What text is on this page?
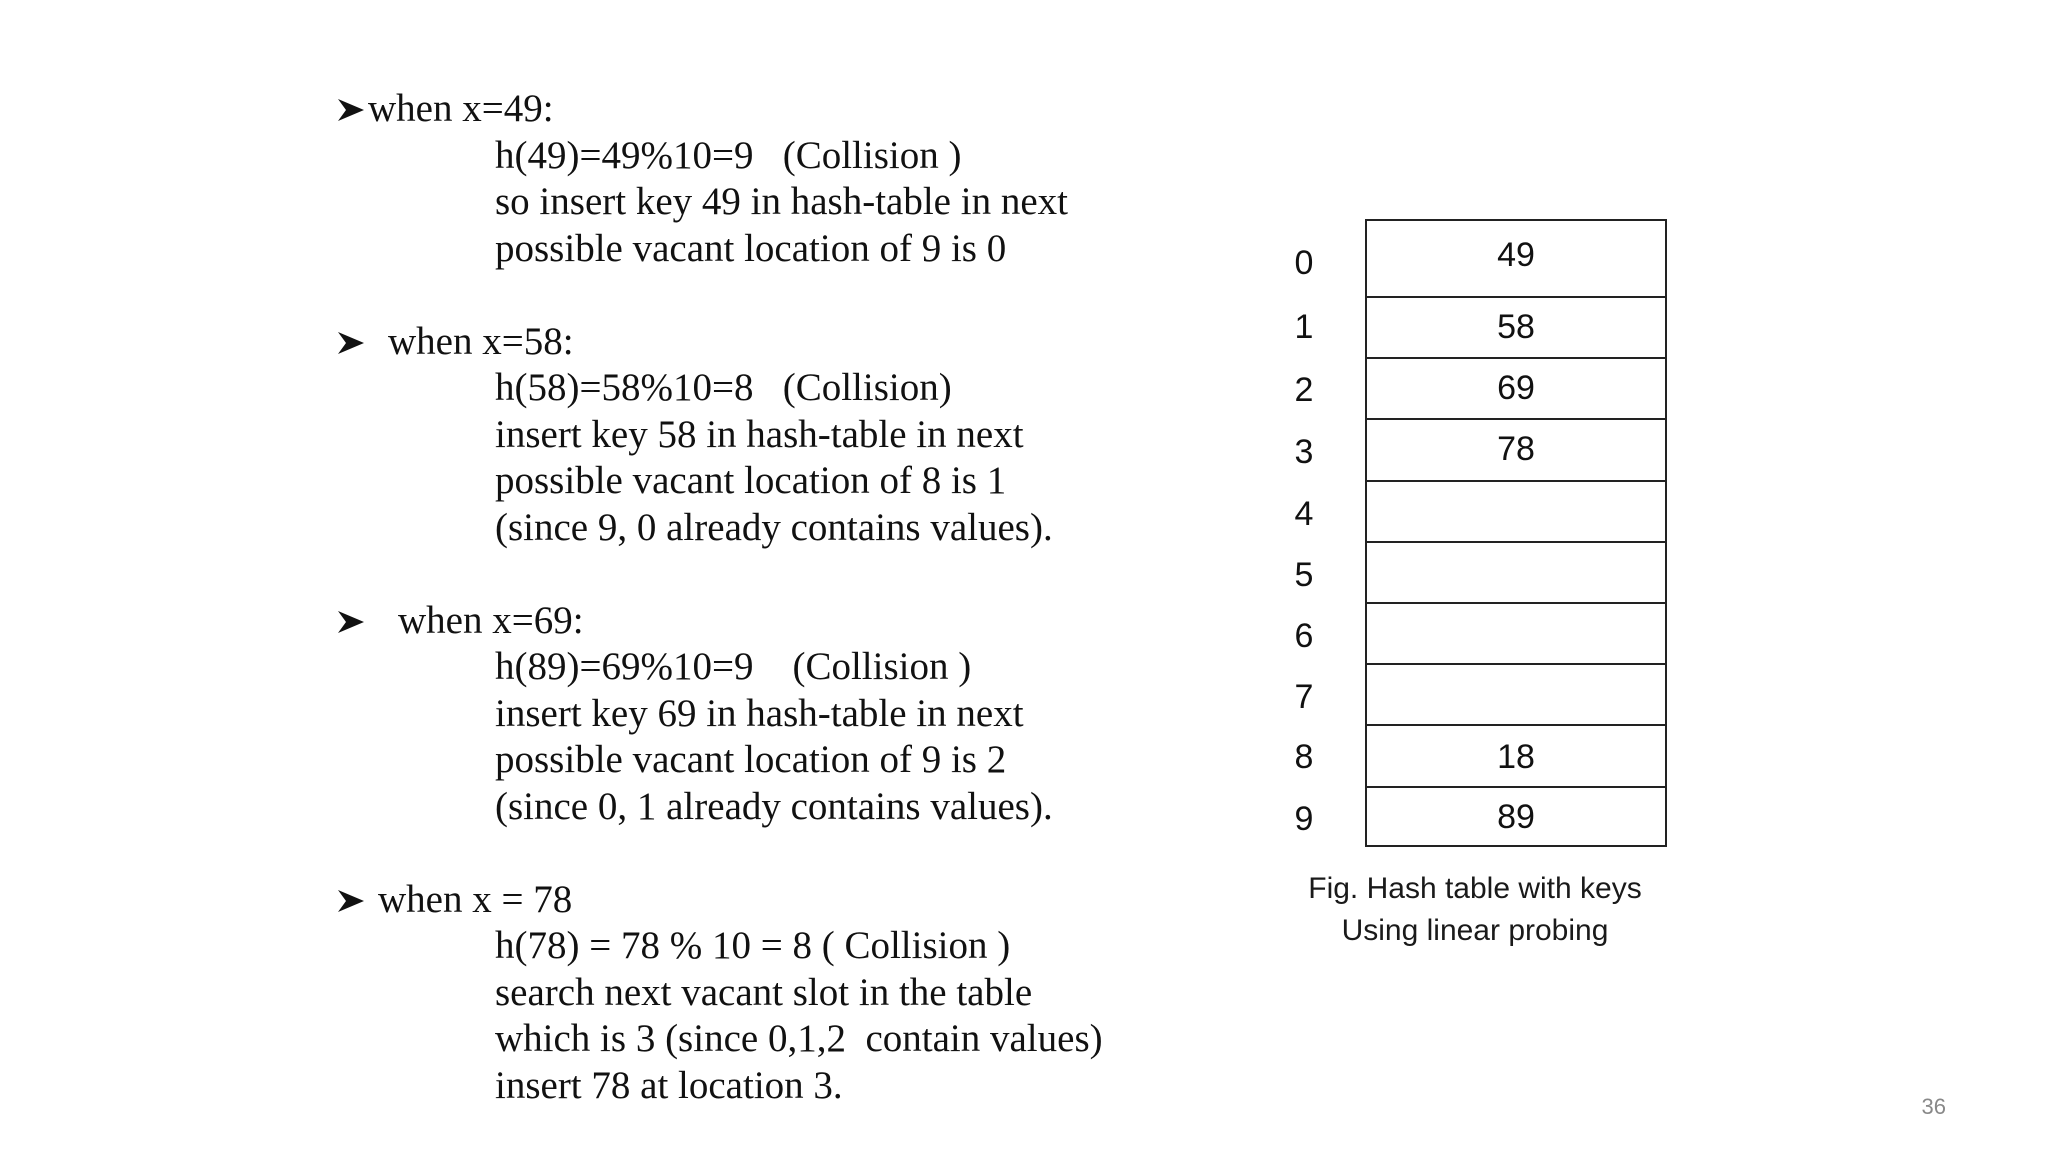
when x=49:

h(49)=49%10=9   (Collision )
so insert key 49 in hash-table in next
possible vacant location of 9 is 0

when x=58:

h(58)=58%10=8   (Collision)
insert key 58 in hash-table in next
possible vacant location of 8 is 1
(since 9, 0 already contains values).

when x=69:

h(89)=69%10=9    (Collision )
insert key 69 in hash-table in next
possible vacant location of 9 is 2
(since 0, 1 already contains values).

when x = 78

h(78) = 78 % 10 = 8 ( Collision )
search next vacant slot in the table
which is 3 (since 0,1,2  contain values)
insert 78 at location 3.
0	49
1	58
2	69
3	78
4
5
6
7
8	18
9	89
Fig. Hash table with keys
Using linear probing
36
